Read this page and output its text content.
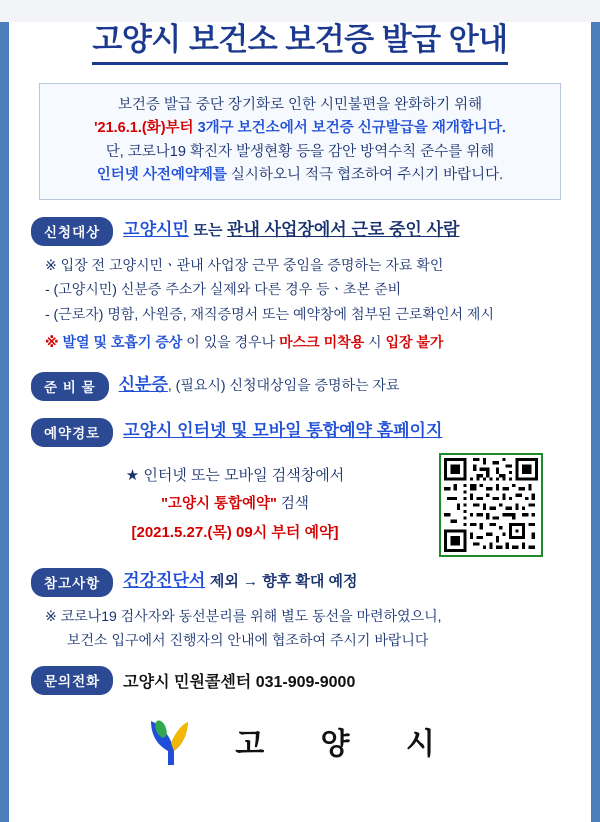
고양시 보건소 보건증 발급 안내
보건증 발급 중단 장기화로 인한 시민불편을 완화하기 위해
'21.6.1.(화)부터 3개구 보건소에서 보건증 신규발급을 재개합니다.
단, 코로나19 확진자 발생현황 등을 감안 방역수칙 준수를 위해
인터넷 사전예약제를 실시하오니 적극 협조하여 주시기 바랍니다.
신청대상	고양시민 또는 관내 사업장에서 근로 중인 사람
※ 입장 전 고양시민ㆍ관내 사업장 근무 중임을 증명하는 자료 확인
- (고양시민) 신분증 주소가 실제와 다른 경우 등ㆍ초본 준비
- (근로자) 명함, 사원증, 재직증명서 또는 예약창에 첨부된 근로확인서 제시
※ 발열 및 호흡기 증상 이 있을 경우나 마스크 미착용 시 입장 불가
준 비 물	신분증, (필요시) 신청대상임을 증명하는 자료
예약경로	고양시 인터넷 및 모바일 통합예약 홈페이지
★ 인터넷 또는 모바일 검색창에서
"고양시 통합예약" 검색
[2021.5.27.(목) 09시 부터 예약]
참고사항	건강진단서 제외 → 향후 확대 예정
※ 코로나19 검사자와 동선분리를 위해 별도 동선을 마련하였으니,
보건소 입구에서 진행자의 안내에 협조하여 주시기 바랍니다
문의전화	고양시 민원콜센터 031-909-9000
고 양 시
